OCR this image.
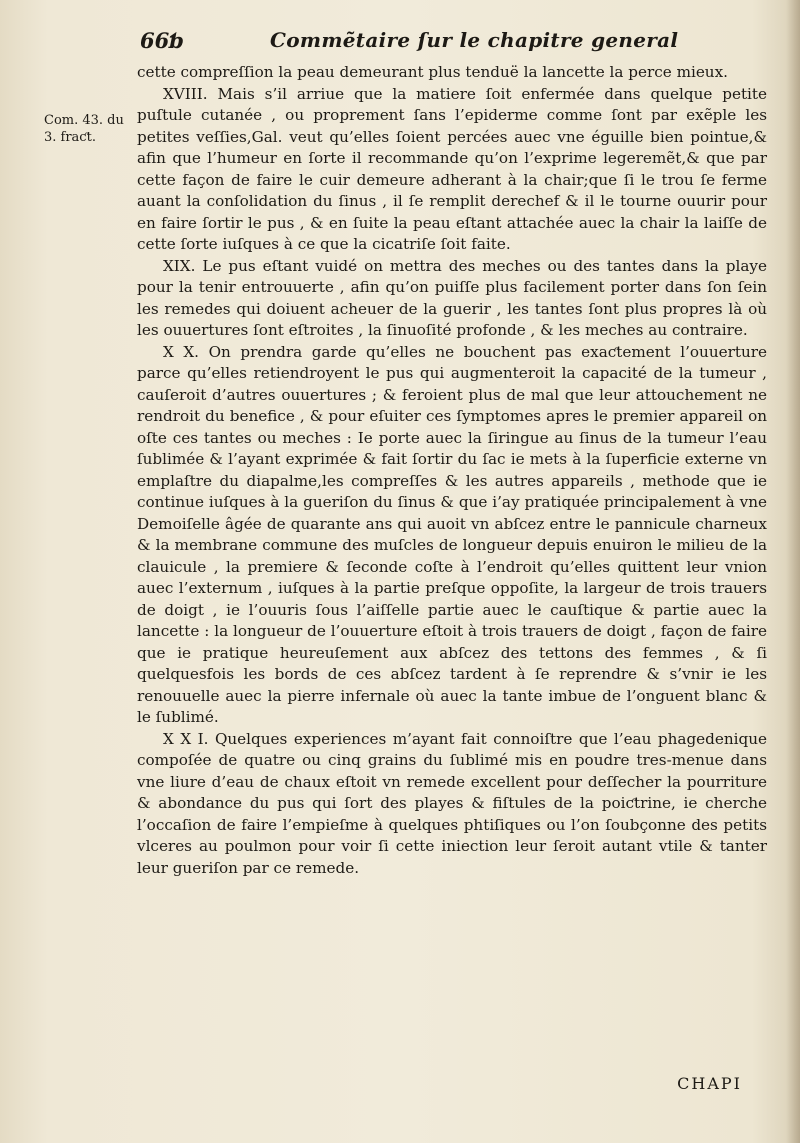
66ƅ	Commẽtaire ſur le chapitre general
Com. 43. du
3. fraƈt.

cette compreſſion la peau demeurant plus tenduë la lancette la perce mieux.

XVIII. Mais s’il arriue que la matiere ſoit enfermée dans quelque petite puſtule cutanée , ou proprement ſans l’epiderme comme ſont par exẽple les petites veſſies,Gal. veut qu’elles ſoient percées auec vne éguille bien pointue,& afin que l’humeur en ſorte il recommande qu’on l’exprime legeremẽt,& que par cette façon de faire le cuir demeure adherant à la chair;que ſi le trou ſe ferme auant la conſolidation du ſinus , il ſe remplit derechef & il le tourne ouurir pour en faire ſortir le pus , & en ſuite la peau eſtant attachée auec la chair la laiſſe de cette ſorte iuſques à ce que la cicatriſe ſoit faite.

XIX. Le pus eſtant vuidé on mettra des meches ou des tantes dans la playe pour la tenir entrouuerte , afin qu’on puiſſe plus facilement porter dans ſon ſein les remedes qui doiuent acheuer de la guerir , les tantes ſont plus propres là où les ouuertures ſont eſtroites , la ſinuoſité profonde , & les meches au contraire.

X X. On prendra garde qu’elles ne bouchent pas exaƈtement l’ouuerture parce qu’elles retiendroyent le pus qui augmenteroit la capacité de la tumeur , cauſeroit d’autres ouuertures ; & feroient plus de mal que leur attouchement ne rendroit du benefice , & pour eſuiter ces ſymptomes apres le premier appareil on oſte ces tantes ou meches : Ie porte auec la ſiringue au ſinus de la tumeur l’eau ſublimée & l’ayant exprimée & fait ſortir du ſac ie mets à la ſuperficie externe vn emplaſtre du diapalme,les compreſſes & les autres appareils , methode que ie continue iuſques à la gueriſon du ſinus & que i’ay pratiquée principalement à vne Demoiſelle âgée de quarante ans qui auoit vn abſcez entre le pannicule charneux & la membrane commune des muſcles de longueur depuis enuiron le milieu de la clauicule , la premiere & ſeconde coſte à l’endroit qu’elles quittent leur vnion auec l’externum , iuſques à la partie preſque oppoſite, la largeur de trois trauers de doigt , ie l’ouuris ſous l’aiſſelle partie auec le cauſtique & partie auec la lancette : la longueur de l’ouuerture eſtoit à trois trauers de doigt , façon de faire que ie pratique heureuſement aux abſcez des tettons des femmes , & ſi quelquesfois les bords de ces abſcez tardent à ſe reprendre & s’vnir ie les renouuelle auec la pierre infernale où auec la tante imbue de l’onguent blanc & le ſublimé.

X X I. Quelques experiences m’ayant fait connoiſtre que l’eau phagedenique compoſée de quatre ou cinq grains du ſublimé mis en poudre tres-menue dans vne liure d’eau de chaux eſtoit vn remede excellent pour deſſecher la pourriture & abondance du pus qui ſort des playes & fiſtules de la poiƈtrine, ie cherche l’occaſion de faire l’empieſme à quelques phtiſiques ou l’on ſoubçonne des petits vlceres au poulmon pour voir ſi cette iniection leur ſeroit autant vtile & tanter leur gueriſon par ce remede.

CHAPI
